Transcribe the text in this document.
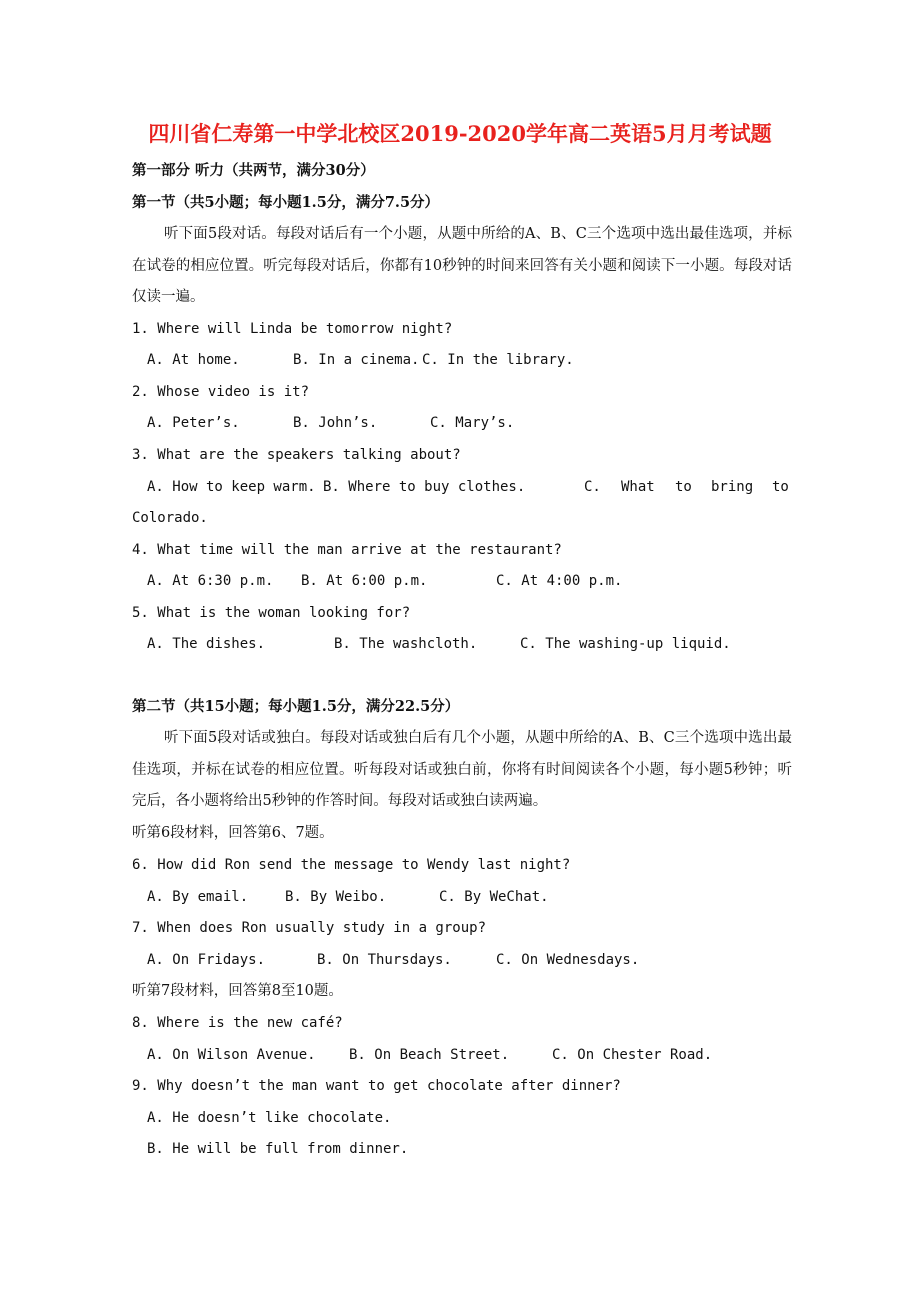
四川省仁寿第一中学北校区2019-2020学年高二英语5月月考试题
第一部分 听力（共两节，满分30分）
第一节（共5小题；每小题1.5分，满分7.5分）
听下面5段对话。每段对话后有一个小题，从题中所给的A、B、C三个选项中选出最佳选项，并标在试卷的相应位置。听完每段对话后，你都有10秒钟的时间来回答有关小题和阅读下一小题。每段对话仅读一遍。
1. Where will Linda be tomorrow night?
A. At home.	B. In a cinema. C. In the library.
2. Whose video is it?
A. Peter’s.	B. John’s.	C. Mary’s.
3. What are the speakers talking about?
A. How to keep warm. B. Where to buy clothes.	C. What to bring to
Colorado.
4. What time will the man arrive at the restaurant?
A. At 6:30 p.m. B. At 6:00 p.m.	C. At 4:00 p.m.
5. What is the woman looking for?
A. The dishes.	B. The washcloth.	C. The washing-up liquid.
第二节（共15小题；每小题1.5分，满分22.5分）
听下面5段对话或独白。每段对话或独白后有几个小题，从题中所给的A、B、C三个选项中选出最佳选项，并标在试卷的相应位置。听每段对话或独白前，你将有时间阅读各个小题，每小题5秒钟；听完后，各小题将给出5秒钟的作答时间。每段对话或独白读两遍。
听第6段材料，回答第6、7题。
6. How did Ron send the message to Wendy last night?
A. By email.	B. By Weibo.	C. By WeChat.
7. When does Ron usually study in a group?
A. On Fridays.	B. On Thursdays.	C. On Wednesdays.
听第7段材料，回答第8至10题。
8. Where is the new café?
A. On Wilson Avenue. B. On Beach Street.	C. On Chester Road.
9. Why doesn’t the man want to get chocolate after dinner?
A. He doesn’t like chocolate.
B. He will be full from dinner.
